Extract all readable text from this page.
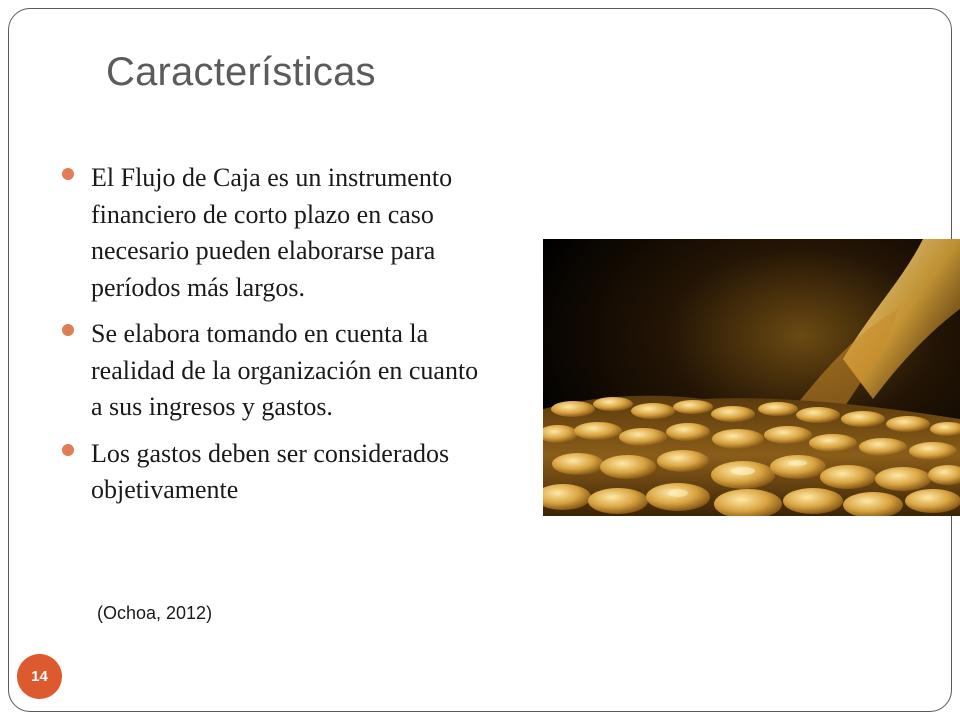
Características
El Flujo de Caja es un instrumento financiero de corto plazo en caso necesario pueden elaborarse para períodos más largos.
Se elabora tomando en cuenta la realidad de la organización en cuanto a sus ingresos y gastos.
Los gastos deben ser considerados objetivamente
(Ochoa, 2012)
14
